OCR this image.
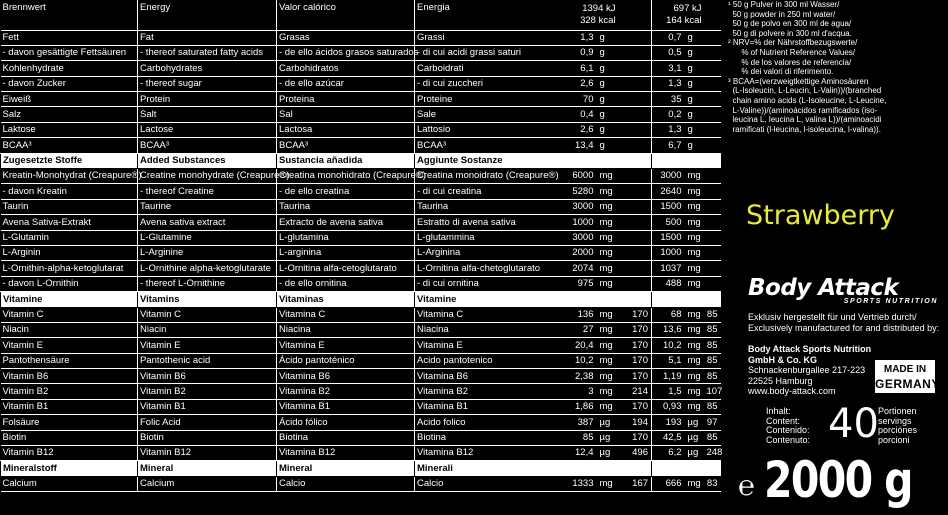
Brennwert	Energy	Valor calórico	Energia	1394 kJ
328 kcal			697 kJ
164 kcal		

Fett	Fat	Grasas	Grassi	1,3	g		0,7	g	
- davon gesättigte Fettsäuren	- thereof saturated fatty acids	- de ello ácidos grasos saturados	- di cui acidi grassi saturi	0,9	g		0,5	g	
Kohlenhydrate	Carbohydrates	Carbohidratos	Carboidrati	6,1	g		3,1	g	
- davon Zucker	- thereof sugar	- de ello azúcar	- di cui zuccheri	2,6	g		1,3	g	
Eiweiß	Protein	Proteina	Proteine	70	g		35	g	
Salz	Salt	Sal	Sale	0,4	g		0,2	g	
Laktose	Lactose	Lactosa	Lattosio	2,6	g		1,3	g	
BCAA³	BCAA³	BCAA³	BCAA³	13,4	g		6,7	g	
Zugesetzte Stoffe	Added Substances	Sustancia añadida	Aggiunte Sostanze						
Kreatin-Monohydrat (Creapure®)	Creatine monohydrate (Creapure®)	Creatina monohidrato (Creapure®)	Creatina monoidrato (Creapure®)	6000	mg		3000	mg	
- davon Kreatin	- thereof Creatine	- de ello creatina	- di cui creatina	5280	mg		2640	mg	
Taurin	Taurine	Taurina	Taurina	3000	mg		1500	mg	
Avena Sativa-Extrakt	Avena sativa extract	Extracto de avena sativa	Estratto di avena sativa	1000	mg		500	mg	
L-Glutamin	L-Glutamine	L-glutamina	L-glutammina	3000	mg		1500	mg	
L-Arginin	L-Arginine	L-arginina	L-Arginina	2000	mg		1000	mg	
L-Ornithin-alpha-ketoglutarat	L-Ornithine alpha-ketoglutarate	L-Ornitina alfa-cetoglutarato	L-Ornitina alfa-chetoglutarato	2074	mg		1037	mg	
- davon L-Ornithin	- thereof L-Ornithine	- de ello ornitina	- di cui ornitina	975	mg		488	mg	
Vitamine	Vitamins	Vitaminas	Vitamine						
Vitamin C	Vitamin C	Vitamina C	Vitamina C	136	mg	170	68	mg	85
Niacin	Niacin	Niacina	Niacina	27	mg	170	13,6	mg	85
Vitamin E	Vitamin E	Vitamina E	Vitamina E	20,4	mg	170	10,2	mg	85
Pantothensäure	Pantothenic acid	Ácido pantoténico	Acido pantotenico	10,2	mg	170	5,1	mg	85
Vitamin B6	Vitamin B6	Vitamina B6	Vitamina B6	2,38	mg	170	1,19	mg	85
Vitamin B2	Vitamin B2	Vitamina B2	Vitamina B2	3	mg	214	1,5	mg	107
Vitamin B1	Vitamin B1	Vitamina B1	Vitamina B1	1,86	mg	170	0,93	mg	85
Folsäure	Folic Acid	Ácido fólico	Acido folico	387	µg	194	193	µg	97
Biotin	Biotin	Biotina	Biotina	85	µg	170	42,5	µg	85
Vitamin B12	Vitamin B12	Vitamina B12	Vitamina B12	12,4	µg	496	6,2	µg	248
Mineralstoff	Mineral	Mineral	Minerali						
Calcium	Calcium	Calcio	Calcio	1333	mg	167	666	mg	83
¹ 50 g Pulver in 300 ml Wasser/
50 g powder in 250 ml water/
50 g de polvo en 300 ml de agua/
50 g di polvere in 300 ml d'acqua.
² NRV=% der Nährstoffbezugswerte/
% of Nutrient Reference Values/
% de los valores de referencia/
% dei valori di riferimento.
³ BCAA=(verzweigtkettige Aminosäuren
(L-Isoleucin, L-Leucin, L-Valin))/(branched
chain amino acids (L-Isoleucine, L-Leucine,
L-Valine))/(aminoácidos ramificados (iso-
leucina L, leucina L, valina L))/(aminoacidi
ramificati (l-leucina, l-isoleucina, l-valina)).
Strawberry
Body Attack
SPORTS NUTRITION
Exklusiv hergestellt für und Vertrieb durch/
Exclusively manufactured for and distributed by:
Body Attack Sports Nutrition GmbH & Co. KG
Schnackenburgallee 217-223
22525 Hamburg
www.body-attack.com
MADE IN
GERMANY
Inhalt:
Content:
Contenido:
Contenuto: 40 Portionen
servings
porciónes
porcioni
℮ 2000 g
